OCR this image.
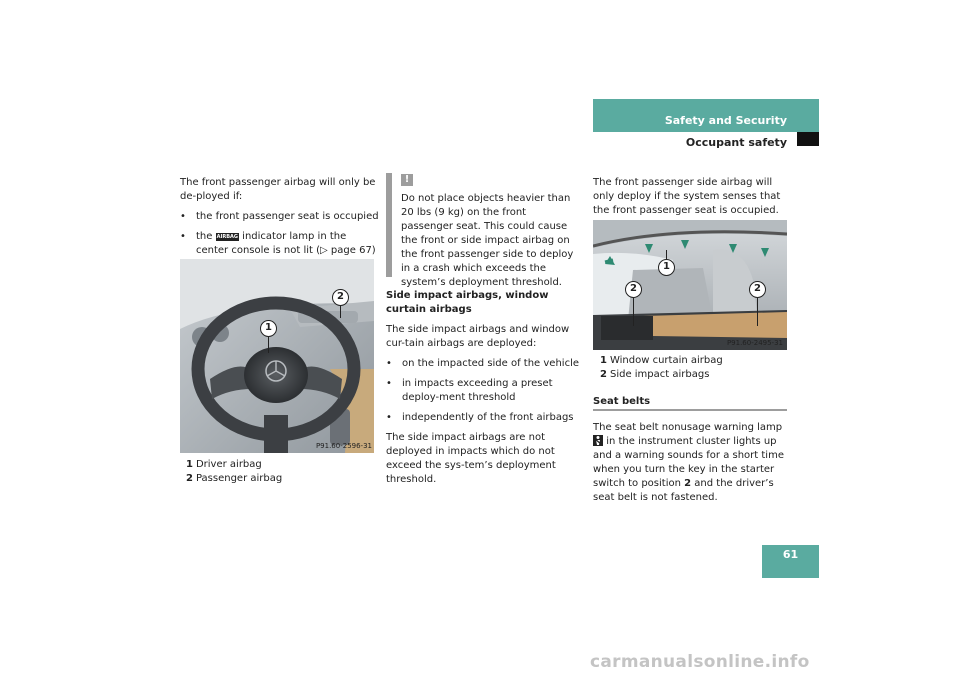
Safety and Security
Occupant safety

The front passenger airbag will only be de-ployed if:

• the front passenger seat is occupied

• the AIRBAG indicator lamp in the center console is not lit (▷ page 67)

1
2
P91.60-2596-31

1 Driver airbag

2 Passenger airbag

!
Do not place objects heavier than 20 lbs (9 kg) on the front passenger seat. This could cause the front or side impact airbag on the front passenger side to deploy in a crash which exceeds the system’s deployment threshold.

Side impact airbags, window curtain airbags

The side impact airbags and window cur-tain airbags are deployed:

• on the impacted side of the vehicle

• in impacts exceeding a preset deploy-ment threshold

• independently of the front airbags

The side impact airbags are not deployed in impacts which do not exceed the sys-tem’s deployment threshold.

The front passenger side airbag will only deploy if the system senses that the front passenger seat is occupied.
1
2	2
P91.60-2495-31

1 Window curtain airbag

2 Side impact airbags

Seat belts
The seat belt nonusage warning lamp
in the instrument cluster lights up and a warning sounds for a short time when you turn the key in the starter switch to position 2 and the driver’s seat belt is not fastened.
61
carmanualsonline.info
